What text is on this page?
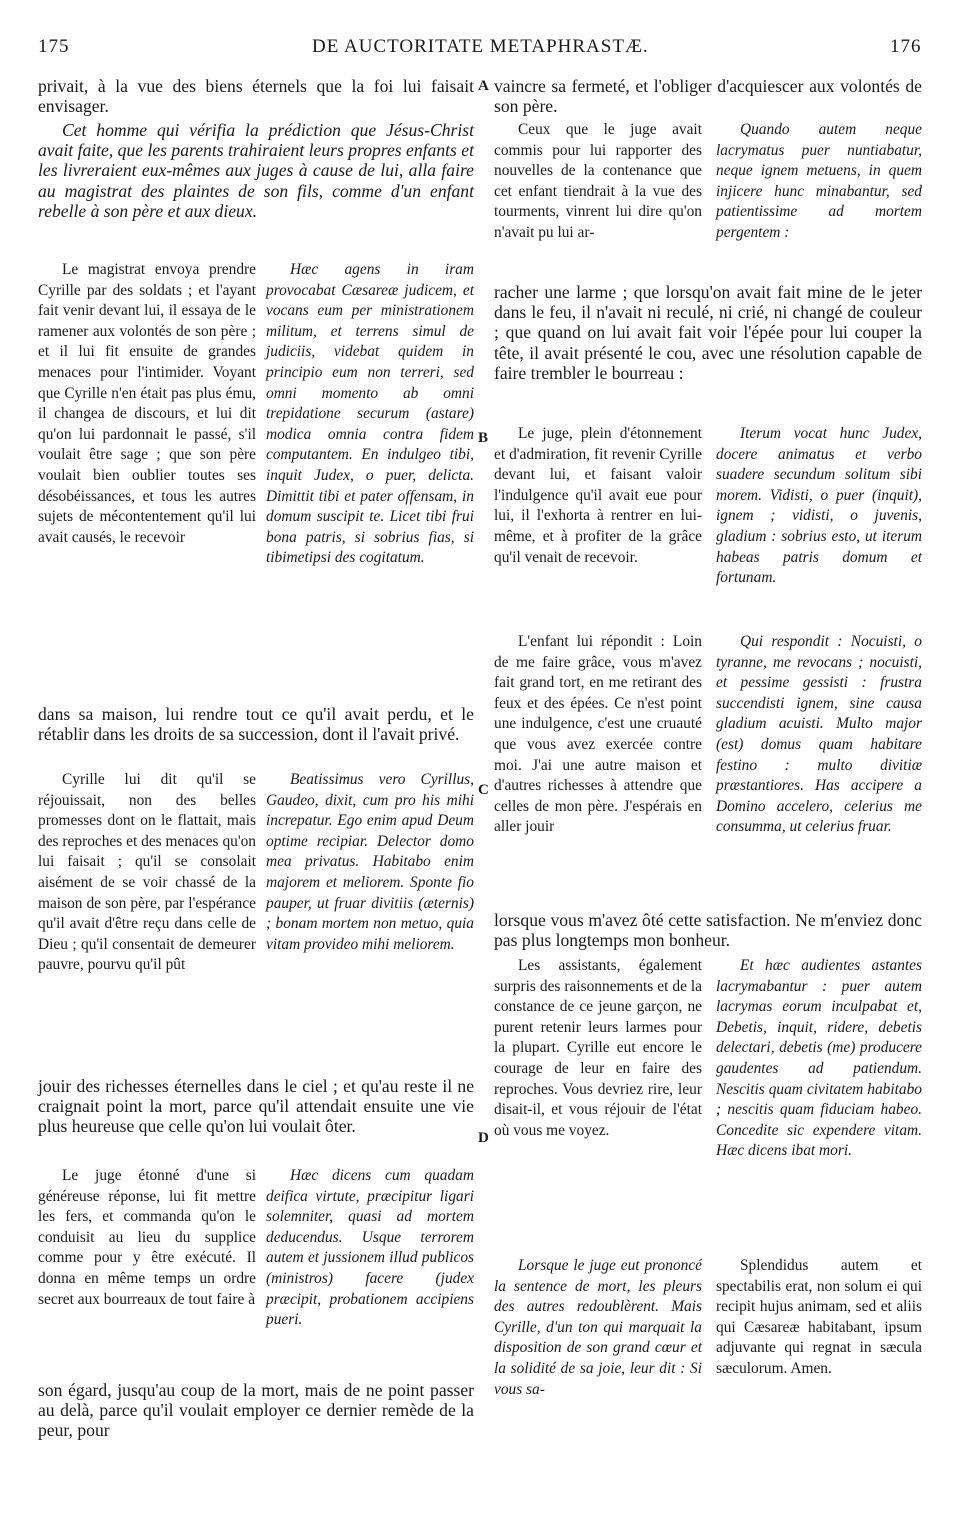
175	DE AUCTORITATE METAPHRASTÆ.	176

privait, à la vue des biens éternels que la foi lui faisait envisager.

Cet homme qui vérifia la prédiction que Jésus-Christ avait faite, que les parents trahiraient leurs propres enfants et les livreraient eux-mêmes aux juges à cause de lui, alla faire au magistrat des plaintes de son fils, comme d'un enfant rebelle à son père et aux dieux.

Le magistrat envoya prendre Cyrille par des soldats ; et l'ayant fait venir devant lui, il essaya de le ramener aux volontés de son père ; et il lui fit ensuite de grandes menaces pour l'intimider. Voyant que Cyrille n'en était pas plus ému, il changea de discours, et lui dit qu'on lui pardonnait le passé, s'il voulait être sage ; que son père voulait bien oublier toutes ses désobéissances, et tous les autres sujets de mécontentement qu'il lui avait causés, le recevoir

Hæc agens in iram provocabat Cæsareæ judicem, et vocans eum per ministrationem militum, et terrens simul de judiciis, videbat quidem in principio eum non terreri, sed omni momento ab omni trepidatione securum (astare) modica omnia contra fidem computantem. En indulgeo tibi, inquit Judex, o puer, delicta. Dimittit tibi et pater offensam, in domum suscipit te. Licet tibi frui bona patris, si sobrius fias, si tibimetipsi des cogitatum.

dans sa maison, lui rendre tout ce qu'il avait perdu, et le rétablir dans les droits de sa succession, dont il l'avait privé.

Cyrille lui dit qu'il se réjouissait, non des belles promesses dont on le flattait, mais des reproches et des menaces qu'on lui faisait ; qu'il se consolait aisément de se voir chassé de la maison de son père, par l'espérance qu'il avait d'être reçu dans celle de Dieu ; qu'il consentait de demeurer pauvre, pourvu qu'il pût

Beatissimus vero Cyrillus, Gaudeo, dixit, cum pro his mihi increpatur. Ego enim apud Deum optime recipiar. Delector domo mea privatus. Habitabo enim majorem et meliorem. Sponte fio pauper, ut fruar divitiis (æternis) ; bonam mortem non metuo, quia vitam provideo mihi meliorem.

jouir des richesses éternelles dans le ciel ; et qu'au reste il ne craignait point la mort, parce qu'il attendait ensuite une vie plus heureuse que celle qu'on lui voulait ôter.

Le juge étonné d'une si généreuse réponse, lui fit mettre les fers, et commanda qu'on le conduisit au lieu du supplice comme pour y être exécuté. Il donna en même temps un ordre secret aux bourreaux de tout faire à

Hæc dicens cum quadam deifica virtute, præcipitur ligari solemniter, quasi ad mortem deducendus. Usque terrorem autem et jussionem illud publicos (ministros) facere (judex præcipit, probationem accipiens pueri.

son égard, jusqu'au coup de la mort, mais de ne point passer au delà, parce qu'il voulait employer ce dernier remède de la peur, pour

A
B
C
D

vaincre sa fermeté, et l'obliger d'acquiescer aux volontés de son père.

Ceux que le juge avait commis pour lui rapporter des nouvelles de la contenance que cet enfant tiendrait à la vue des tourments, vinrent lui dire qu'on n'avait pu lui ar-

Quando autem neque lacrymatus puer nuntiabatur, neque ignem metuens, in quem injicere hunc minabantur, sed patientissime ad mortem pergentem :

racher une larme ; que lorsqu'on avait fait mine de le jeter dans le feu, il n'avait ni reculé, ni crié, ni changé de couleur ; que quand on lui avait fait voir l'épée pour lui couper la tête, il avait présenté le cou, avec une résolution capable de faire trembler le bourreau :

Le juge, plein d'étonnement et d'admiration, fit revenir Cyrille devant lui, et faisant valoir l'indulgence qu'il avait eue pour lui, il l'exhorta à rentrer en lui-même, et à profiter de la grâce qu'il venait de recevoir.

Iterum vocat hunc Judex, docere animatus et verbo suadere secundum solitum sibi morem. Vidisti, o puer (inquit), ignem ; vidisti, o juvenis, gladium : sobrius esto, ut iterum habeas patris domum et fortunam.

L'enfant lui répondit : Loin de me faire grâce, vous m'avez fait grand tort, en me retirant des feux et des épées. Ce n'est point une indulgence, c'est une cruauté que vous avez exercée contre moi. J'ai une autre maison et d'autres richesses à attendre que celles de mon père. J'espérais en aller jouir

Qui respondit : Nocuisti, o tyranne, me revocans ; nocuisti, et pessime gessisti : frustra succendisti ignem, sine causa gladium acuisti. Multo major (est) domus quam habitare festino : multo divitiæ præstantiores. Has accipere a Domino accelero, celerius me consumma, ut celerius fruar.

lorsque vous m'avez ôté cette satisfaction. Ne m'enviez donc pas plus longtemps mon bonheur.

Les assistants, également surpris des raisonnements et de la constance de ce jeune garçon, ne purent retenir leurs larmes pour la plupart. Cyrille eut encore le courage de leur en faire des reproches. Vous devriez rire, leur disait-il, et vous réjouir de l'état où vous me voyez.

Et hæc audientes astantes lacrymabantur : puer autem lacrymas eorum inculpabat et, Debetis, inquit, ridere, debetis delectari, debetis (me) producere gaudentes ad patiendum. Nescitis quam civitatem habitabo ; nescitis quam fiduciam habeo. Concedite sic expendere vitam. Hæc dicens ibat mori.

Lorsque le juge eut prononcé la sentence de mort, les pleurs des autres redoublèrent. Mais Cyrille, d'un ton qui marquait la disposition de son grand cœur et la solidité de sa joie, leur dit : Si vous sa-

Splendidus autem et spectabilis erat, non solum ei qui recipit hujus animam, sed et aliis qui Cæsareæ habitabant, ipsum adjuvante qui regnat in sæcula sæculorum. Amen.
